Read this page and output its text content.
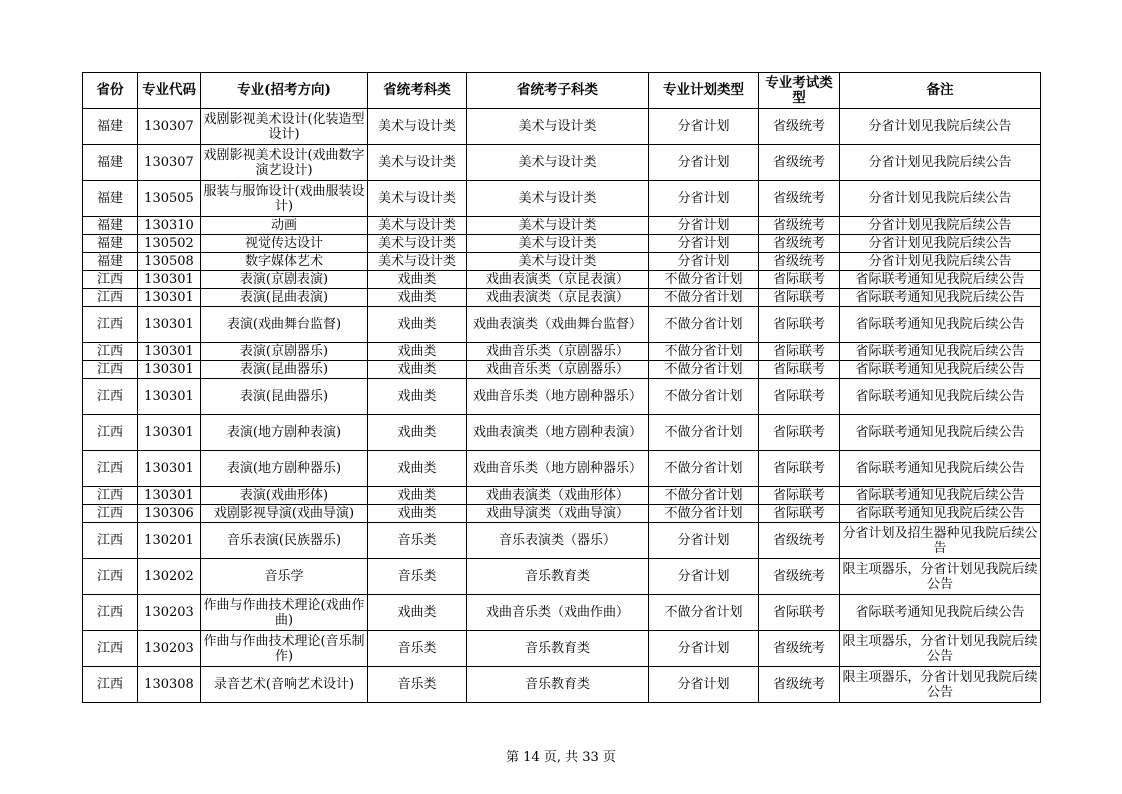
省份	专业代码	专业(招考方向)	省统考科类	省统考子科类	专业计划类型	专业考试类型	备注
福建	130307	戏剧影视美术设计(化装造型设计)	美术与设计类	美术与设计类	分省计划	省级统考	分省计划见我院后续公告
福建	130307	戏剧影视美术设计(戏曲数字演艺设计)	美术与设计类	美术与设计类	分省计划	省级统考	分省计划见我院后续公告
福建	130505	服装与服饰设计(戏曲服装设计)	美术与设计类	美术与设计类	分省计划	省级统考	分省计划见我院后续公告
福建	130310	动画	美术与设计类	美术与设计类	分省计划	省级统考	分省计划见我院后续公告
福建	130502	视觉传达设计	美术与设计类	美术与设计类	分省计划	省级统考	分省计划见我院后续公告
福建	130508	数字媒体艺术	美术与设计类	美术与设计类	分省计划	省级统考	分省计划见我院后续公告
江西	130301	表演(京剧表演)	戏曲类	戏曲表演类（京昆表演）	不做分省计划	省际联考	省际联考通知见我院后续公告
江西	130301	表演(昆曲表演)	戏曲类	戏曲表演类（京昆表演）	不做分省计划	省际联考	省际联考通知见我院后续公告
江西	130301	表演(戏曲舞台监督)	戏曲类	戏曲表演类（戏曲舞台监督）	不做分省计划	省际联考	省际联考通知见我院后续公告
江西	130301	表演(京剧器乐)	戏曲类	戏曲音乐类（京剧器乐）	不做分省计划	省际联考	省际联考通知见我院后续公告
江西	130301	表演(昆曲器乐)	戏曲类	戏曲音乐类（京剧器乐）	不做分省计划	省际联考	省际联考通知见我院后续公告
江西	130301	表演(昆曲器乐)	戏曲类	戏曲音乐类（地方剧种器乐）	不做分省计划	省际联考	省际联考通知见我院后续公告
江西	130301	表演(地方剧种表演)	戏曲类	戏曲表演类（地方剧种表演）	不做分省计划	省际联考	省际联考通知见我院后续公告
江西	130301	表演(地方剧种器乐)	戏曲类	戏曲音乐类（地方剧种器乐）	不做分省计划	省际联考	省际联考通知见我院后续公告
江西	130301	表演(戏曲形体)	戏曲类	戏曲表演类（戏曲形体）	不做分省计划	省际联考	省际联考通知见我院后续公告
江西	130306	戏剧影视导演(戏曲导演)	戏曲类	戏曲导演类（戏曲导演）	不做分省计划	省际联考	省际联考通知见我院后续公告
江西	130201	音乐表演(民族器乐)	音乐类	音乐表演类（器乐）	分省计划	省级统考	分省计划及招生器种见我院后续公告
江西	130202	音乐学	音乐类	音乐教育类	分省计划	省级统考	限主项器乐，分省计划见我院后续公告
江西	130203	作曲与作曲技术理论(戏曲作曲)	戏曲类	戏曲音乐类（戏曲作曲）	不做分省计划	省际联考	省际联考通知见我院后续公告
江西	130203	作曲与作曲技术理论(音乐制作)	音乐类	音乐教育类	分省计划	省级统考	限主项器乐，分省计划见我院后续公告
江西	130308	录音艺术(音响艺术设计)	音乐类	音乐教育类	分省计划	省级统考	限主项器乐，分省计划见我院后续公告
第 14 页, 共 33 页
